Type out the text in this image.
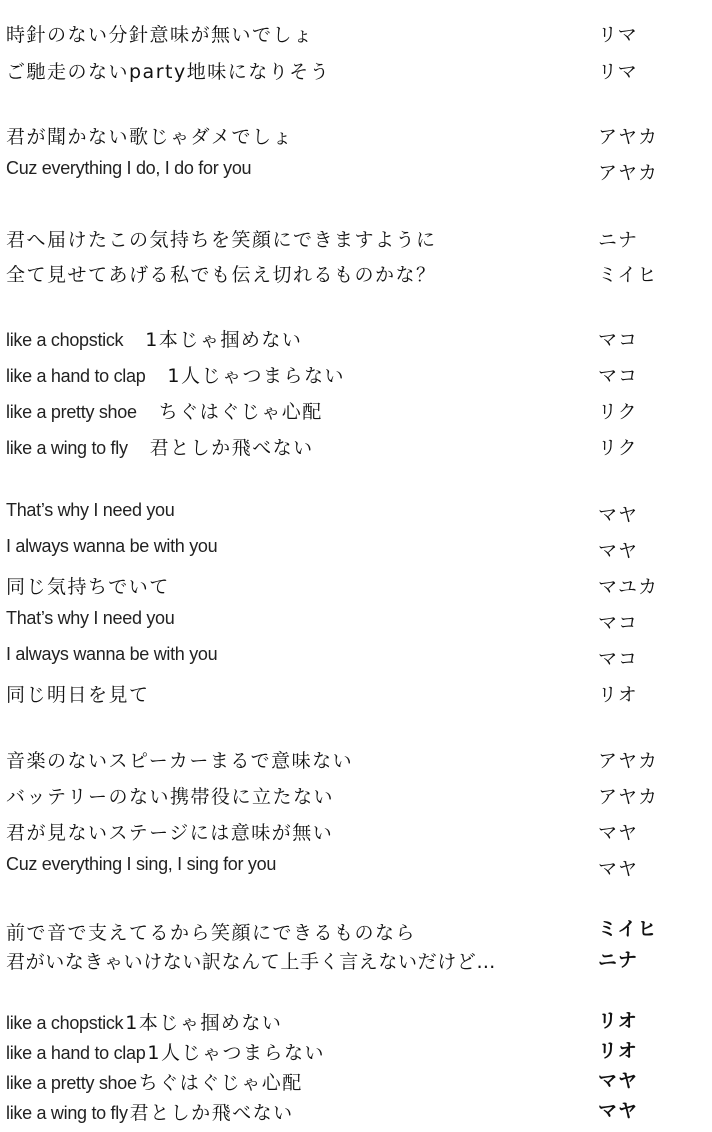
時針のない分針意味が無いでしょ	リマ
ご馳走のないparty地味になりそう	リマ
君が聞かない歌じゃダメでしょ	アヤカ
Cuz everything I do, I do for you	アヤカ
君へ届けたこの気持ちを笑顔にできますように	ニナ
全て見せてあげる私でも伝え切れるものかな？	ミイヒ
like a chopstick 1本じゃ掴めない	マコ
like a hand to clap 1人じゃつまらない	マコ
like a pretty shoe ちぐはぐじゃ心配	リク
like a wing to fly 君としか飛べない	リク
That’s why I need you	マヤ
I always wanna be with you	マヤ
同じ気持ちでいて	マユカ
That’s why I need you	マコ
I always wanna be with you	マコ
同じ明日を見て	リオ
音楽のないスピーカーまるで意味ない	アヤカ
バッテリーのない携帯役に立たない	アヤカ
君が見ないステージには意味が無い	マヤ
Cuz everything I sing, I sing for you	マヤ
前で音で支えてるから笑顔にできるものなら	ミイヒ
君がいなきゃいけない訳なんて上手く言えないだけど…	ニナ
like a chopstick 1本じゃ掴めない	リオ
like a hand to clap 1人じゃつまらない	リオ
like a pretty shoe ちぐはぐじゃ心配	マヤ
like a wing to fly 君としか飛べない	マヤ
